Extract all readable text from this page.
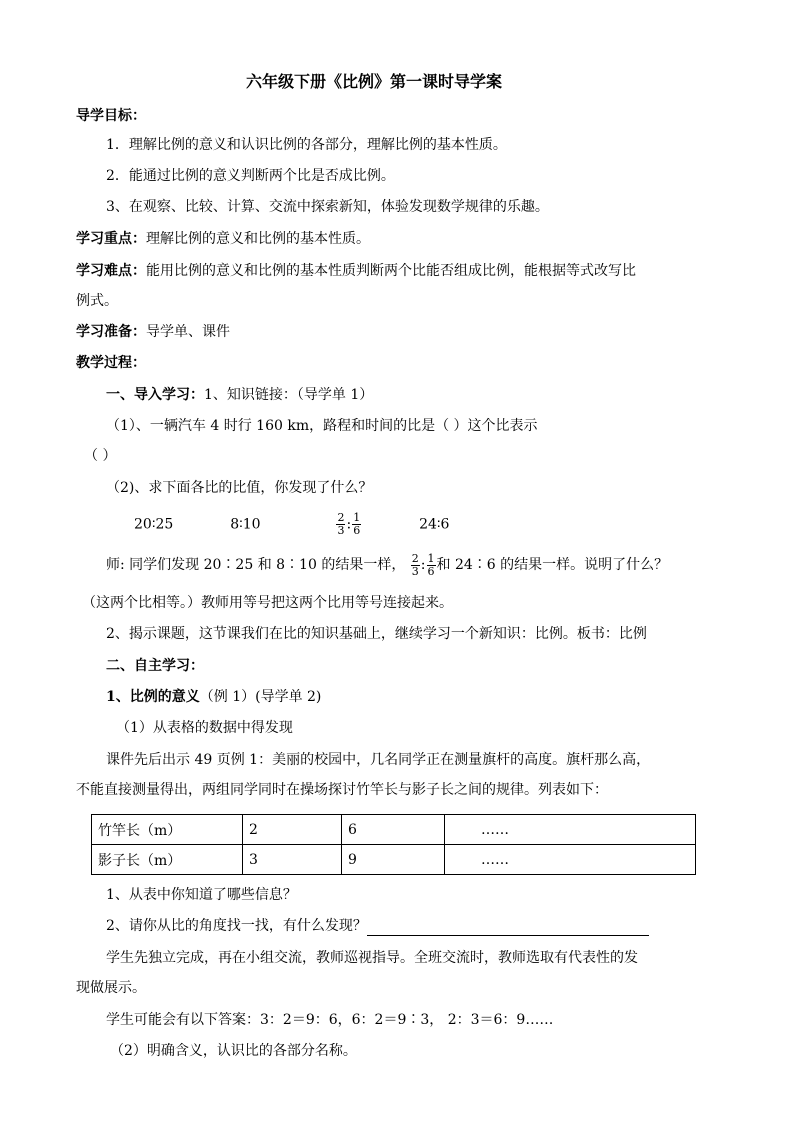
六年级下册《比例》第一课时导学案
导学目标：
1．理解比例的意义和认识比例的各部分，理解比例的基本性质。
2．能通过比例的意义判断两个比是否成比例。
3、在观察、比较、计算、交流中探索新知，体验发现数学规律的乐趣。
学习重点：理解比例的意义和比例的基本性质。
学习难点：能用比例的意义和比例的基本性质判断两个比能否组成比例，能根据等式改写比
例式。
学习准备：导学单、课件
教学过程：
一、导入学习：1、知识链接：（导学单 1）
（1）、一辆汽车 4 时行 160 km，路程和时间的比是（ ）这个比表示
（ ）
（2)、求下面各比的比值，你发现了什么？
20∶25	8∶10	$\frac{2}{3}$ : $\frac{1}{6}$	24∶6
师: 同学们发现 20∶25 和 8∶10 的结果一样， $\frac{2}{3}$ : $\frac{1}{6}$ 和 24∶6 的结果一样。说明了什么？
（这两个比相等。）教师用等号把这两个比用等号连接起来。
2、揭示课题，这节课我们在比的知识基础上，继续学习一个新知识：比例。板书：比例
二、自主学习：
1、比例的意义（例 1）(导学单 2)
（1）从表格的数据中得发现
课件先后出示 49 页例 1：美丽的校园中，几名同学正在测量旗杆的高度。旗杆那么高，
不能直接测量得出，两组同学同时在操场探讨竹竿长与影子长之间的规律。列表如下：
竹竿长（m）	2	6	……
影子长（m）	3	9	……
1、从表中你知道了哪些信息？
2、请你从比的角度找一找，有什么发现？
学生先独立完成，再在小组交流，教师巡视指导。全班交流时，教师选取有代表性的发
现做展示。
学生可能会有以下答案：3：2＝9：6，6：2＝9∶3， 2：3＝6：9……
（2）明确含义，认识比的各部分名称。
